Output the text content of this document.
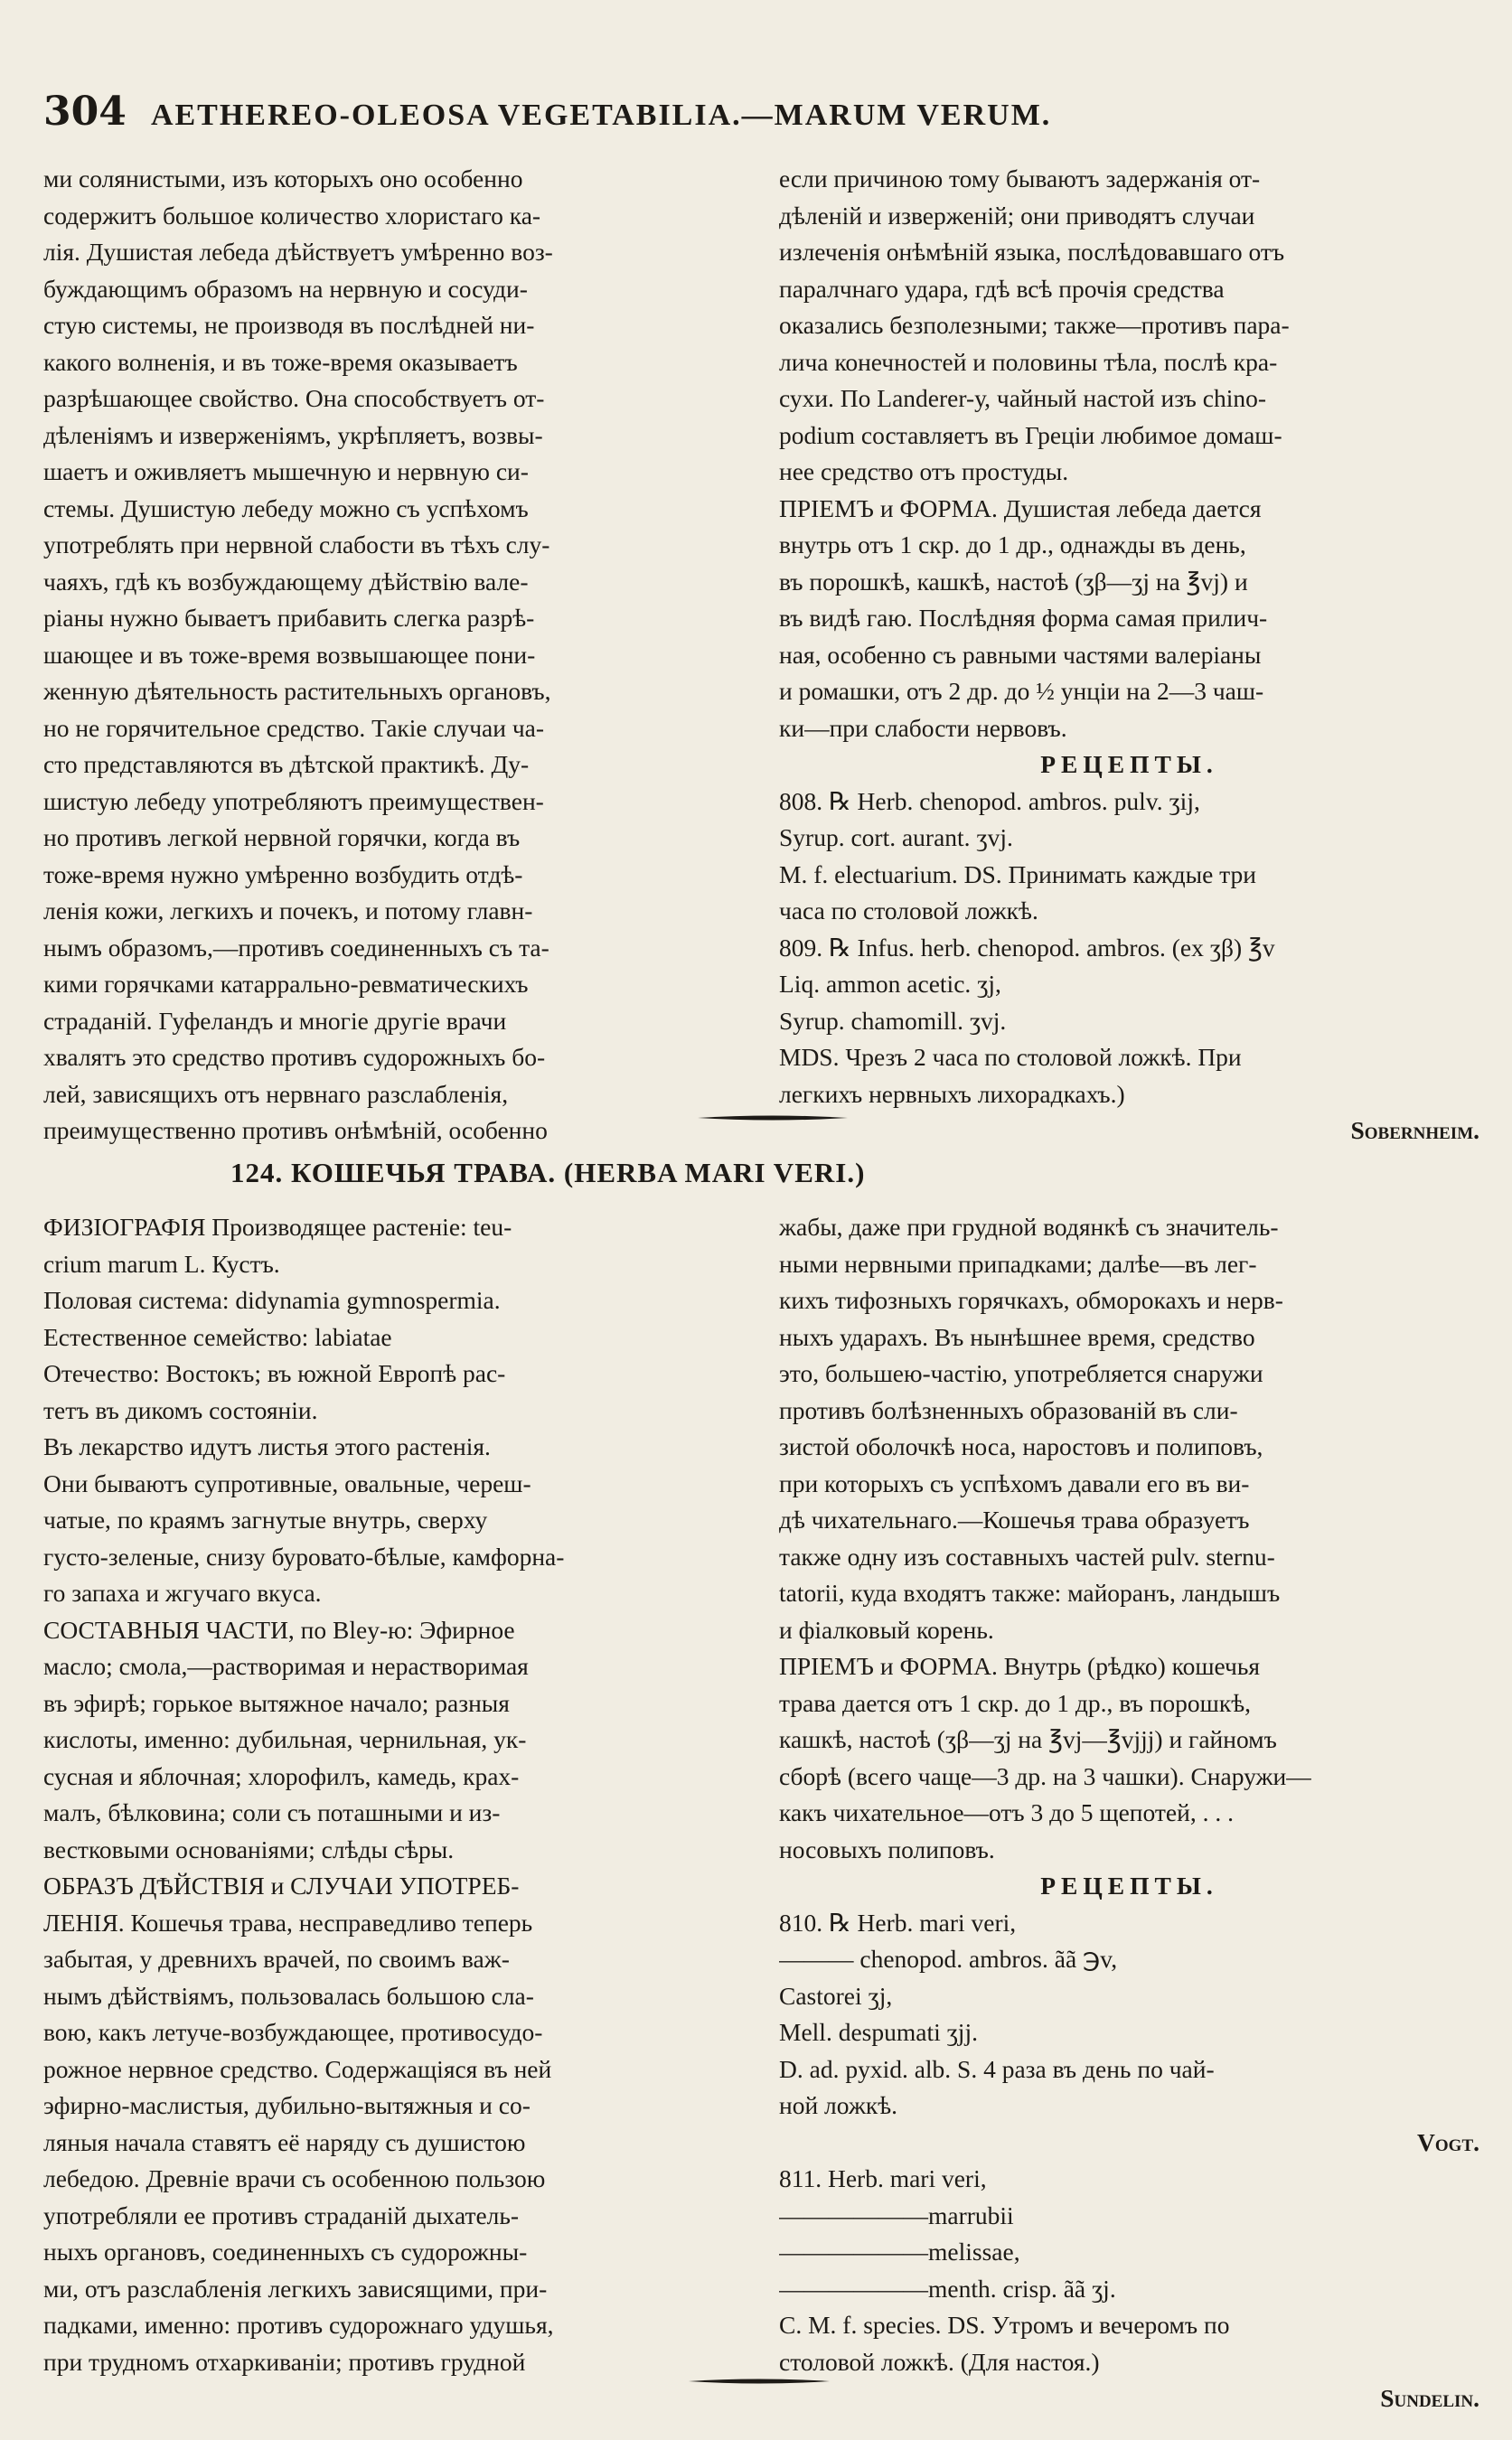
304 AETHEREO-OLEOSA VEGETABILIA.—MARUM VERUM.
ми солянистыми, изъ которыхъ оно особенно
содержитъ большое количество хлористаго ка-
лія. Душистая лебеда дѣйствуетъ умѣренно воз-
буждающимъ образомъ на нервную и сосуди-
стую системы, не производя въ послѣдней ни-
какого волненія, и въ тоже-время оказываетъ
разрѣшающее свойство. Она способствуетъ от-
дѣленіямъ и изверженіямъ, укрѣпляетъ, возвы-
шаетъ и оживляетъ мышечную и нервную си-
стемы. Душистую лебеду можно съ успѣхомъ
употреблять при нервной слабости въ тѣхъ слу-
чаяхъ, гдѣ къ возбуждающему дѣйствію вале-
ріаны нужно бываетъ прибавить слегка разрѣ-
шающее и въ тоже-время возвышающее пони-
женную дѣятельность растительныхъ органовъ,
но не горячительное средство. Такіе случаи ча-
сто представляются въ дѣтской практикѣ. Ду-
шистую лебеду употребляютъ преимуществен-
но противъ легкой нервной горячки, когда въ
тоже-время нужно умѣренно возбудить отдѣ-
ленія кожи, легкихъ и почекъ, и потому главн-
нымъ образомъ,—противъ соединенныхъ съ та-
кими горячками катаррально-ревматическихъ
страданій. Гуфеландъ и многіе другіе врачи
хвалятъ это средство противъ судорожныхъ бо-
лей, зависящихъ отъ нервнаго разслабленія,
преимущественно противъ онѣмѣній, особенно
если причиною тому бываютъ задержанія от-
дѣленій и изверженій; они приводятъ случаи
излеченія онѣмѣній языка, послѣдовавшаго отъ
паралчнаго удара, гдѣ всѣ прочія средства
оказались безполезными; также—противъ пара-
лича конечностей и половины тѣла, послѣ кра-
сухи. По Landerer-у, чайный настой изъ chino-
podium составляетъ въ Греціи любимое домаш-
нее средство отъ простуды.
ПРІЕМЪ и ФОРМА. Душистая лебеда дается
внутрь отъ 1 скр. до 1 др., однажды въ день,
въ порошкѣ, кашкѣ, настоѣ (ʒβ—ʒj на ℥vj) и
въ видѣ гаю. Послѣдняя форма самая прилич-
ная, особенно съ равными частями валеріаны
и ромашки, отъ 2 др. до ½ унціи на 2—3 чаш-
ки—при слабости нервовъ.
РЕЦЕПТЫ.
808. ℞ Herb. chenopod. ambros. pulv. ʒij,
Syrup. cort. aurant. ʒvj.
M. f. electuarium. DS. Принимать каждые три
часа по столовой ложкѣ.
809. ℞ Infus. herb. chenopod. ambros. (ex ʒβ) ℥v
Liq. ammon acetic. ʒj,
Syrup. chamomill. ʒvj.
MDS. Чрезъ 2 часа по столовой ложкѣ. При
легкихъ нервныхъ лихорадкахъ.)
Sobernheim.
124. КОШЕЧЬЯ ТРАВА. (HERBA MARI VERI.)
ФИЗІОГРАФІЯ Производящее растеніе: teu-
crium marum L. Кустъ.
Половая система: didynamia gymnospermia.
Естественное семейство: labiatae
Отечество: Востокъ; въ южной Европѣ рас-
тетъ въ дикомъ состояніи.
Въ лекарство идутъ листья этого растенія.
Они бываютъ супротивные, овальные, череш-
чатые, по краямъ загнутые внутрь, сверху
густо-зеленые, снизу буровато-бѣлые, камфорна-
го запаха и жгучаго вкуса.
СОСТАВНЫЯ ЧАСТИ, по Bley-ю: Эфирное
масло; смола,—растворимая и нерастворимая
въ эфирѣ; горькое вытяжное начало; разныя
кислоты, именно: дубильная, чернильная, ук-
сусная и яблочная; хлорофилъ, камедь, крах-
малъ, бѣлковина; соли съ поташными и из-
вестковыми основаніями; слѣды сѣры.
ОБРАЗЪ ДѢЙСТВІЯ и СЛУЧАИ УПОТРЕБ-
ЛЕНІЯ. Кошечья трава, несправедливо теперь
забытая, у древнихъ врачей, по своимъ важ-
нымъ дѣйствіямъ, пользовалась большою сла-
вою, какъ летуче-возбуждающее, противосудо-
рожное нервное средство. Содержащіяся въ ней
эфирно-маслистыя, дубильно-вытяжныя и со-
ляныя начала ставятъ её наряду съ душистою
лебедою. Древніе врачи съ особенною пользою
употребляли ее противъ страданій дыхатель-
ныхъ органовъ, соединенныхъ съ судорожны-
ми, отъ разслабленія легкихъ зависящими, при-
падками, именно: противъ судорожнаго удушья,
при трудномъ отхаркиваніи; противъ грудной
жабы, даже при грудной водянкѣ съ значитель-
ными нервными припадками; далѣе—въ лег-
кихъ тифозныхъ горячкахъ, обморокахъ и нерв-
ныхъ ударахъ. Въ нынѣшнее время, средство
это, большею-частію, употребляется снаружи
противъ болѣзненныхъ образованій въ сли-
зистой оболочкѣ носа, наростовъ и полиповъ,
при которыхъ съ успѣхомъ давали его въ ви-
дѣ чихательнаго.—Кошечья трава образуетъ
также одну изъ составныхъ частей pulv. sternu-
tatorii, куда входятъ также: майоранъ, ландышъ
и фіалковый корень.
ПРІЕМЪ и ФОРМА. Внутрь (рѣдко) кошечья
трава дается отъ 1 скр. до 1 др., въ порошкѣ,
кашкѣ, настоѣ (ʒβ—ʒj на ℥vj—℥vjjj) и гайномъ
сборѣ (всего чаще—3 др. на 3 чашки). Снаружи—
какъ чихательное—отъ 3 до 5 щепотей, . . .
носовыхъ полиповъ.
РЕЦЕПТЫ.
810. ℞ Herb. mari veri,
——— chenopod. ambros. ãã ℈v,
Castorei ʒj,
Mell. despumati ʒjj.
D. ad. pyxid. alb. S. 4 раза въ день по чай-
ной ложкѣ.
Vogt.
811. Herb. mari veri,
——————marrubii
——————melissae,
——————menth. crisp. ãã ʒj.
C. M. f. species. DS. Утромъ и вечеромъ по
столовой ложкѣ. (Для настоя.)
Sundelin.
